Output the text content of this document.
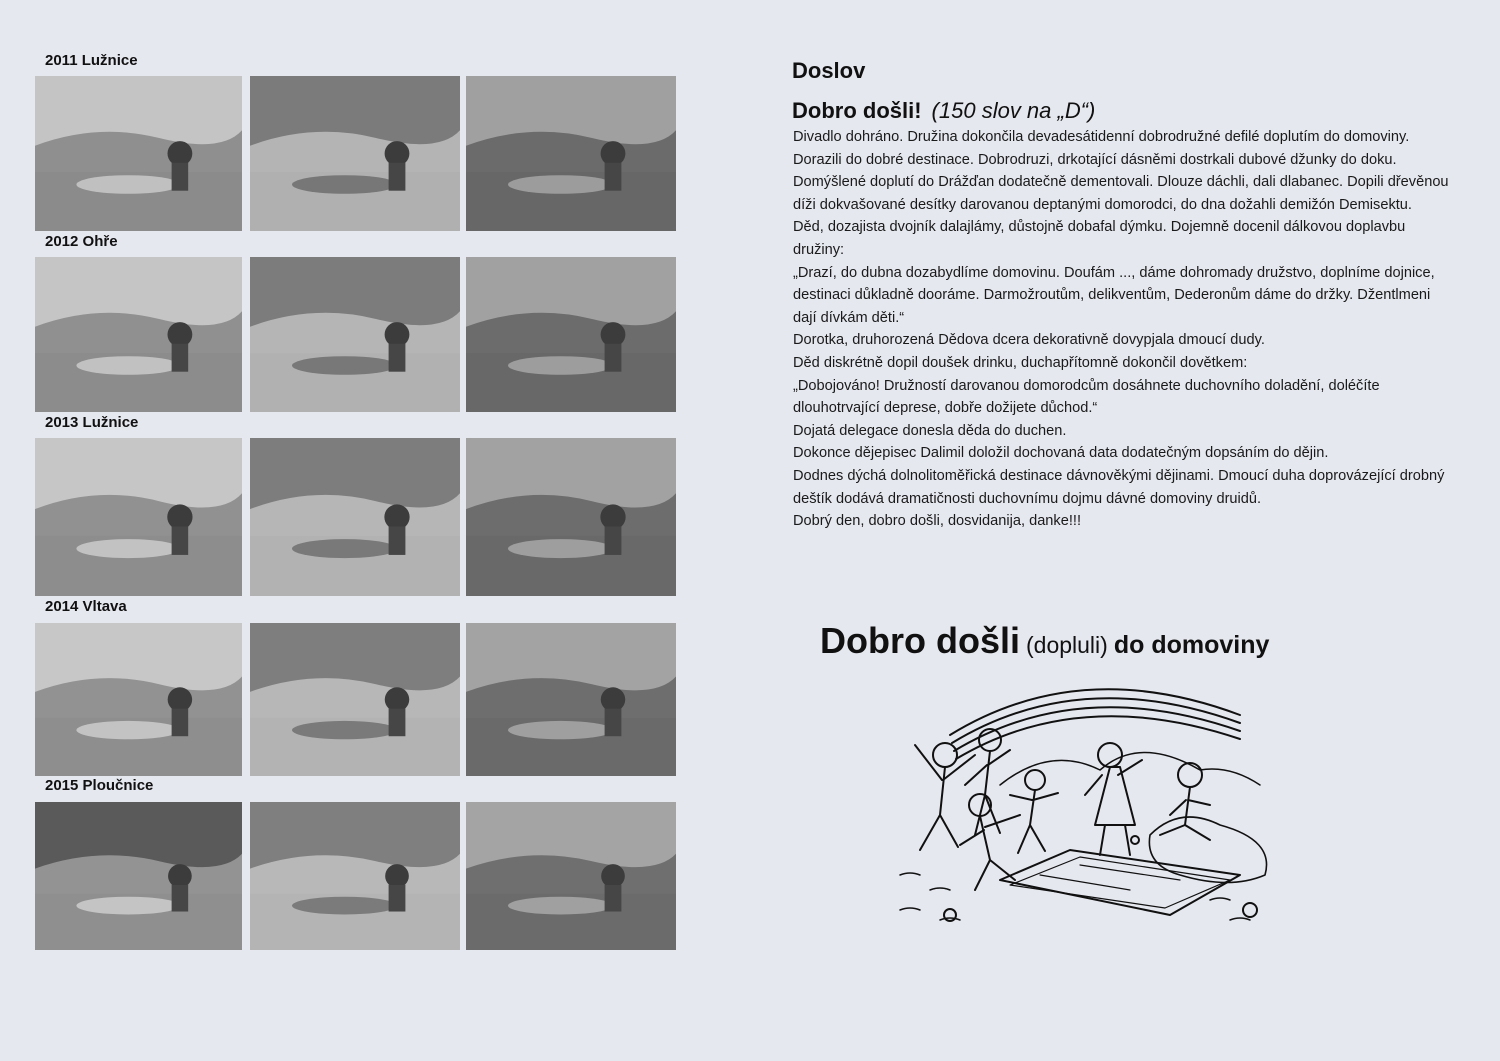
2011 Lužnice
2012 Ohře
2013 Lužnice
2014 Vltava
2015 Ploučnice
Doslov
Dobro došli! (150 slov na „D“)

Divadlo dohráno. Družina dokončila devadesátidenní dobrodružné defilé doplutím do domoviny. Dorazili do dobré destinace. Dobrodruzi, drkotající dásněmi dostrkali dubové džunky do doku. Domýšlené doplutí do Drážďan dodatečně dementovali. Dlouze dáchli, dali dlabanec. Dopili dřevěnou díži dokvašované desítky darovanou deptanými domorodci, do dna dožahli demižón Demisektu.

Děd, dozajista dvojník dalajlámy, důstojně dobafal dýmku. Dojemně docenil dálkovou doplavbu družiny:

„Drazí, do dubna dozabydlíme domovinu. Doufám ..., dáme dohromady družstvo, doplníme dojnice, destinaci důkladně dooráme. Darmožroutům, delikventům, Dederonům dáme do držky. Džentlmeni dají dívkám děti.“

Dorotka, druhorozená Dědova dcera dekorativně dovypjala dmoucí dudy.

Děd diskrétně dopil doušek drinku, duchapřítomně dokončil dovětkem:

„Dobojováno! Družností darovanou domorodcům dosáhnete duchovního doladění, doléčíte dlouhotrvající deprese, dobře dožijete důchod.“

Dojatá delegace donesla děda do duchen.

Dokonce dějepisec Dalimil doložil dochovaná data dodatečným dopsáním do dějin.

Dodnes dýchá dolnolitoměřická destinace dávnověkými dějinami. Dmoucí duha doprovázející drobný deštík dodává dramatičnosti duchovnímu dojmu dávné domoviny druidů.

Dobrý den, dobro došli, dosvidanija, danke!!!

Dobro došli (dopluli) do domoviny
